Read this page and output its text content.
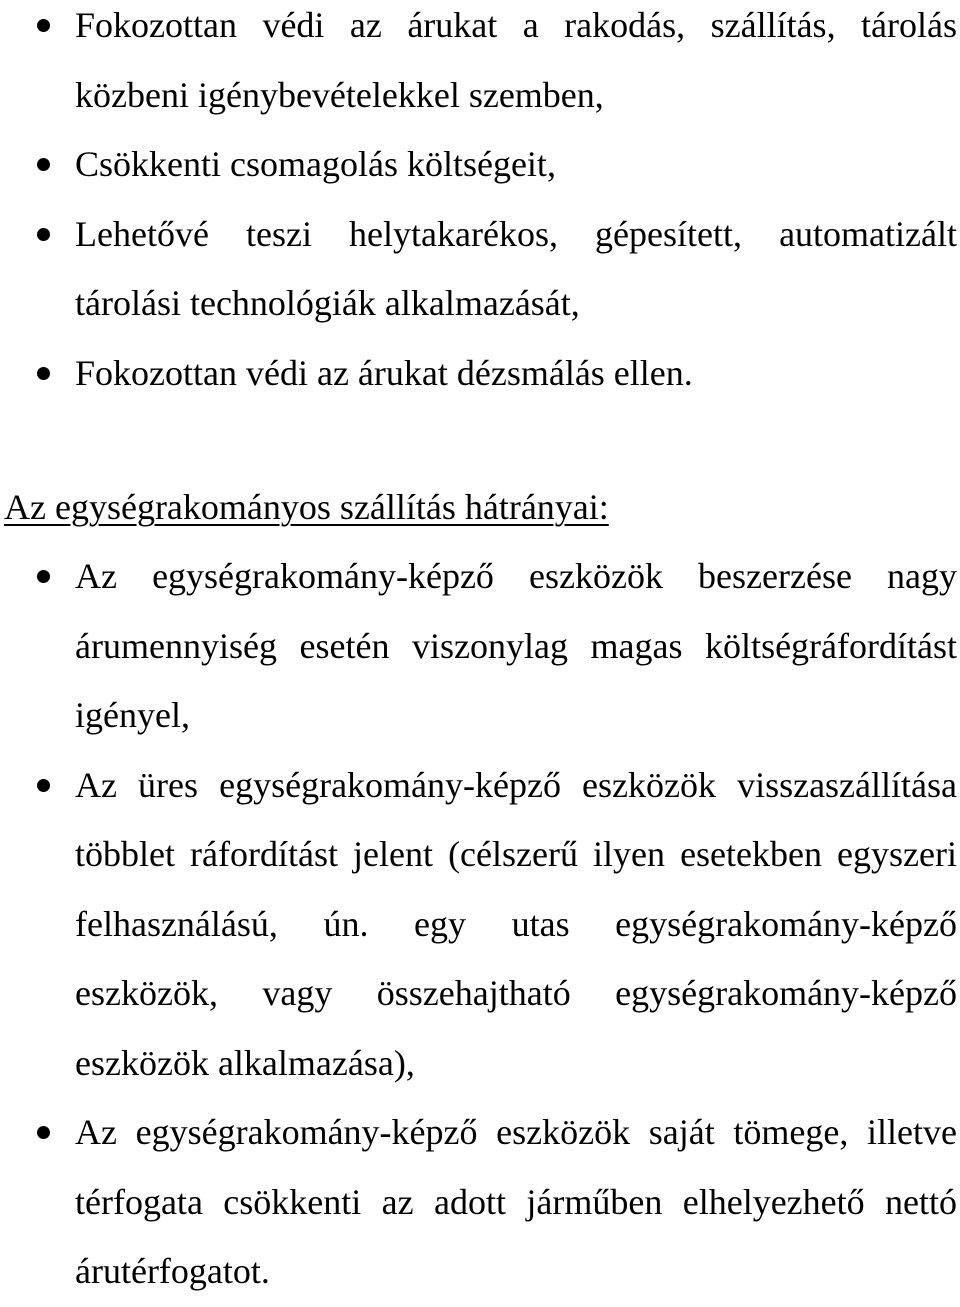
Fokozottan védi az árukat a rakodás, szállítás, tárolás közbeni igénybevételekkel szemben,
Csökkenti csomagolás költségeit,
Lehetővé teszi helytakarékos, gépesített, automatizált tárolási technológiák alkalmazását,
Fokozottan védi az árukat dézsmálás ellen.
Az egységrakományos szállítás hátrányai:
Az egységrakomány-képző eszközök beszerzése nagy árumennyiség esetén viszonylag magas költségráfordítást igényel,
Az üres egységrakomány-képző eszközök visszaszállítása többlet ráfordítást jelent (célszerű ilyen esetekben egyszeri felhasználású, ún. egy utas egységrakomány-képző eszközök, vagy összehajtható egységrakomány-képző eszközök alkalmazása),
Az egységrakomány-képző eszközök saját tömege, illetve térfogata csökkenti az adott járműben elhelyezhető nettó árutérfogatot.
